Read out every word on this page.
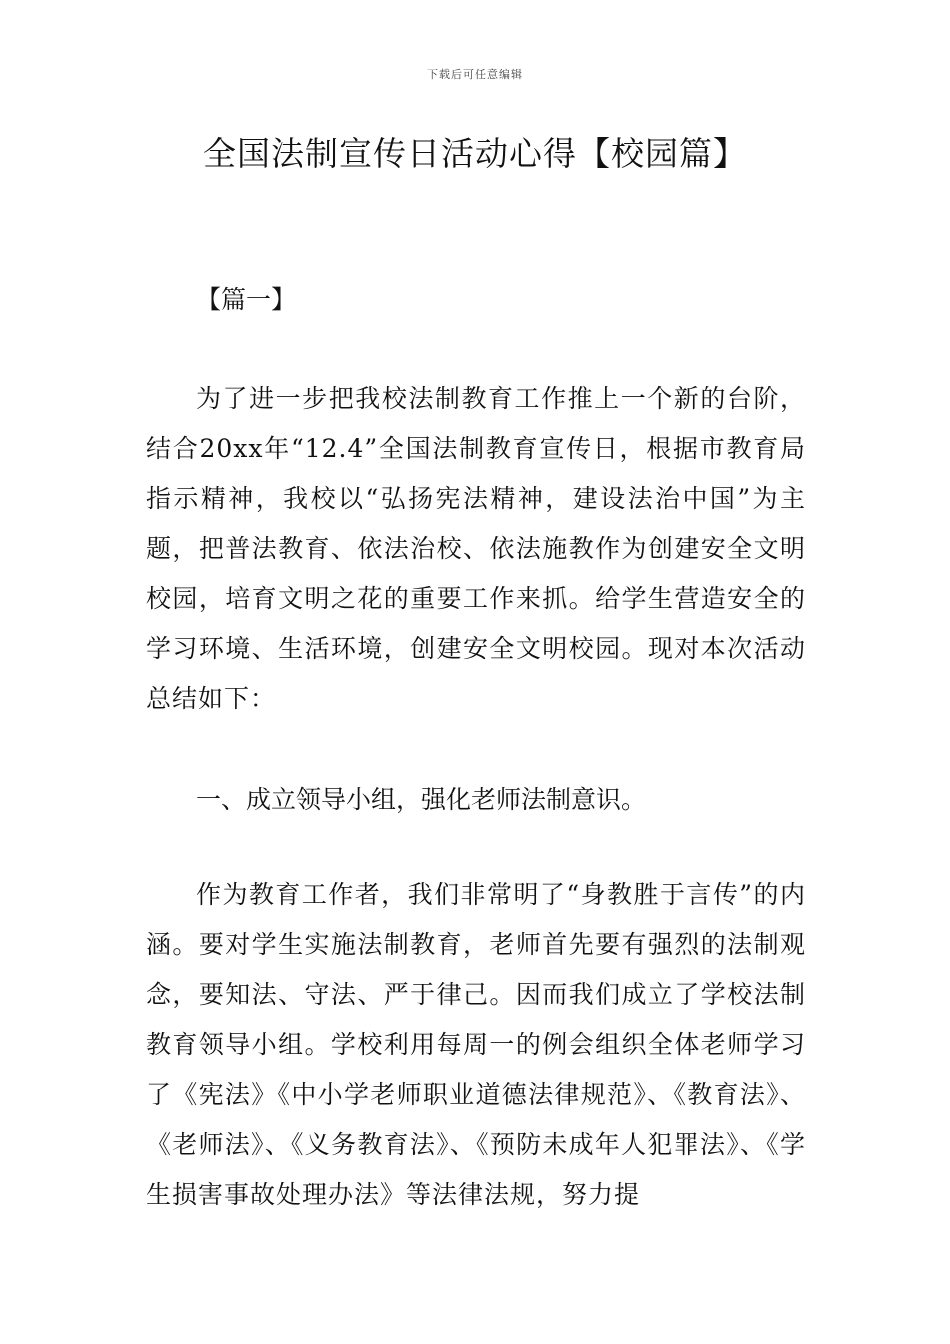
下载后可任意编辑
全国法制宣传日活动心得【校园篇】
【篇一】

为了进一步把我校法制教育工作推上一个新的台阶，结合20xx年“12.4”全国法制教育宣传日，根据市教育局指示精神，我校以“弘扬宪法精神，建设法治中国”为主题，把普法教育、依法治校、依法施教作为创建安全文明校园，培育文明之花的重要工作来抓。给学生营造安全的学习环境、生活环境，创建安全文明校园。现对本次活动总结如下：

一、成立领导小组，强化老师法制意识。

作为教育工作者，我们非常明了“身教胜于言传”的内涵。要对学生实施法制教育，老师首先要有强烈的法制观念，要知法、守法、严于律己。因而我们成立了学校法制教育领导小组。学校利用每周一的例会组织全体老师学习了《宪法》《中小学老师职业道德法律规范》、《教育法》、《老师法》、《义务教育法》、《预防未成年人犯罪法》、《学生损害事故处理办法》等法律法规，努力提
